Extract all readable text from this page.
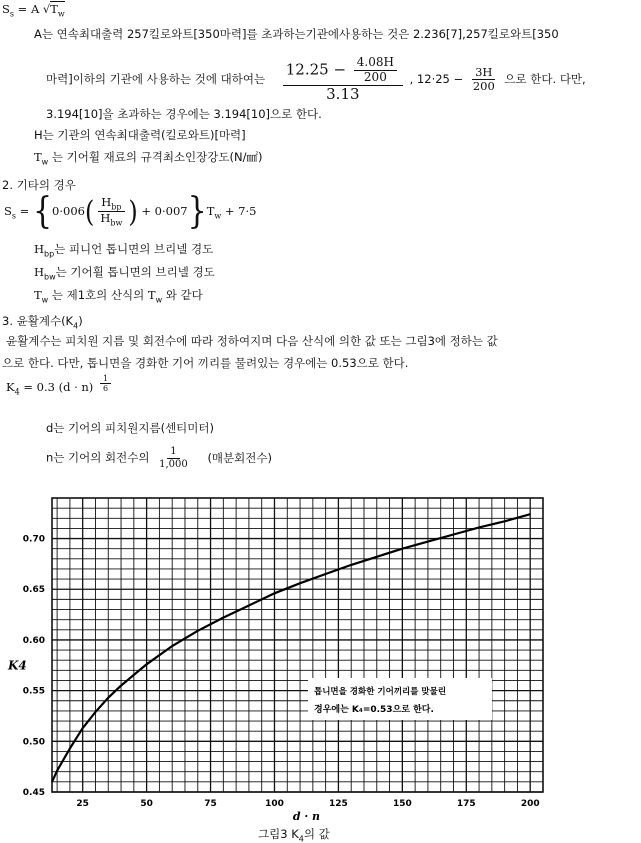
$S_s = A$ $√T_w$
A는 연속최대출력 257킬로와트[350마력]를 초과하는기관에사용하는 것은 2.236[7],257킬로와트[350
마력]이하의 기관에 사용하는 것에 대하여는 $\frac{12.25 - \frac{4.08H}{200}}{3.13}$ , $12\cdot 25 - \frac{3H}{200}$ 으로 한다. 다만,
3.194[10]을 초과하는 경우에는 3.194[10]으로 한다.
H는 기관의 연속최대출력(킬로와트)[마력]
$T_w$ 는 기어휠 재료의 규격최소인장강도(N/㎟)
2. 기타의 경우
$S_s = \{0\cdot 006( \frac{H_{bp}}{H_{bw}}$ ) + $0\cdot 007\}T_w + 7\cdot 5$
$H_{bp}$는 피니언 톱니면의 브리넬 경도
$H_{bw}$는 기어휠 톱니면의 브리넬 경도
$T_w$ 는 제1호의 산식의 $T_w$ 와 같다
3. 윤활계수$(K_4)$
윤활계수는 피치원 지름 및 회전수에 따라 정하여지며 다음 산식에 의한 값 또는 그림3에 정하는 값
으로 한다. 다만, 톱니면을 경화한 기어 끼리를 물려있는 경우에는 0.53으로 한다.
$K_4 = 0.3$ $(d \cdot n) \frac{1}{6}$
d는 기어의 피치원지름(센티미터)
n는 기어의 회전수의 $\frac{1}{1,000}$ (매분회전수)
25	50	75	100	125	150	175	200
0.45
0.50
0.55
0.60
0.65
0.70
d · n
K4
톱니면을 경화한 기어끼리를 맞물린
경우에는 K₄=0.53으로 한다.
그림3 $K_4$의 값
